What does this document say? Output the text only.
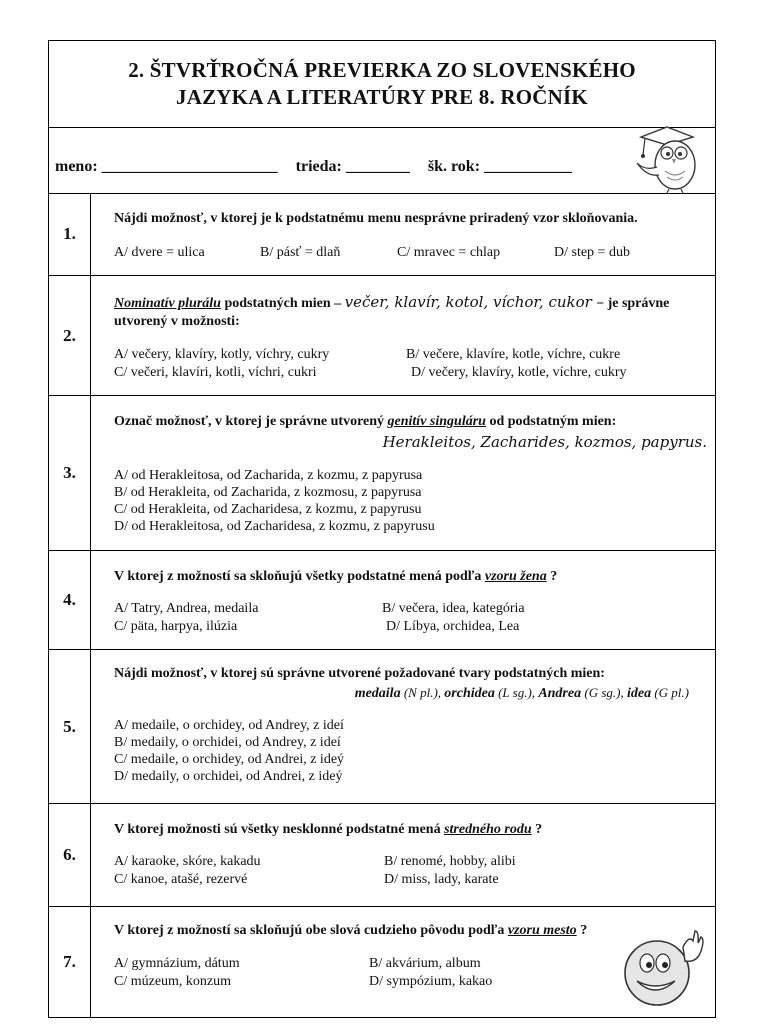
2. ŠTVRŤROČNÁ PREVIERKA ZO SLOVENSKÉHO
JAZYKA A LITERATÚRY PRE 8. ROČNÍK
meno: ______________________ trieda: ________ šk. rok: ___________
1.
Nájdi možnosť, v ktorej je k podstatnému menu nesprávne priradený vzor skloňovania.
A/ dvere = ulica	B/ pásť = dlaň	C/ mravec = chlap	D/ step = dub
2.
Nominatív plurálu podstatných mien – večer, klavír, kotol, víchor, cukor – je správne
utvorený v možnosti:
A/ večery, klavíry, kotly, víchry, cukry	B/ večere, klavíre, kotle, víchre, cukre
C/ večeri, klavíri, kotli, víchri, cukri	D/ večery, klavíry, kotle, víchre, cukry
3.
Označ možnosť, v ktorej je správne utvorený genitív singuláru od podstatným mien:
Herakleitos, Zacharides, kozmos, papyrus.
A/ od Herakleitosa, od Zacharida, z kozmu, z papyrusa
B/ od Herakleita, od Zacharida, z kozmosu, z papyrusa
C/ od Herakleita, od Zacharidesa, z kozmu, z papyrusu
D/ od Herakleitosa, od Zacharidesa, z kozmu, z papyrusu
4.
V ktorej z možností sa skloňujú všetky podstatné mená podľa vzoru žena ?
A/ Tatry, Andrea, medaila	B/ večera, idea, kategória
C/ päta, harpya, ilúzia	D/ Líbya, orchidea, Lea
5.
Nájdi možnosť, v ktorej sú správne utvorené požadované tvary podstatných mien:
medaila (N pl.), orchidea (L sg.), Andrea (G sg.), idea (G pl.)
A/ medaile, o orchidey, od Andrey, z ideí
B/ medaily, o orchidei, od Andrey, z ideí
C/ medaile, o orchidey, od Andrei, z ideý
D/ medaily, o orchidei, od Andrei, z ideý
6.
V ktorej možnosti sú všetky nesklonné podstatné mená stredného rodu ?
A/ karaoke, skóre, kakadu	B/ renomé, hobby, alibi
C/ kanoe, atašé, rezervé	D/ miss, lady, karate
7.
V ktorej z možností sa skloňujú obe slová cudzieho pôvodu podľa vzoru mesto ?
A/ gymnázium, dátum	B/ akvárium, album
C/ múzeum, konzum	D/ sympózium, kakao
